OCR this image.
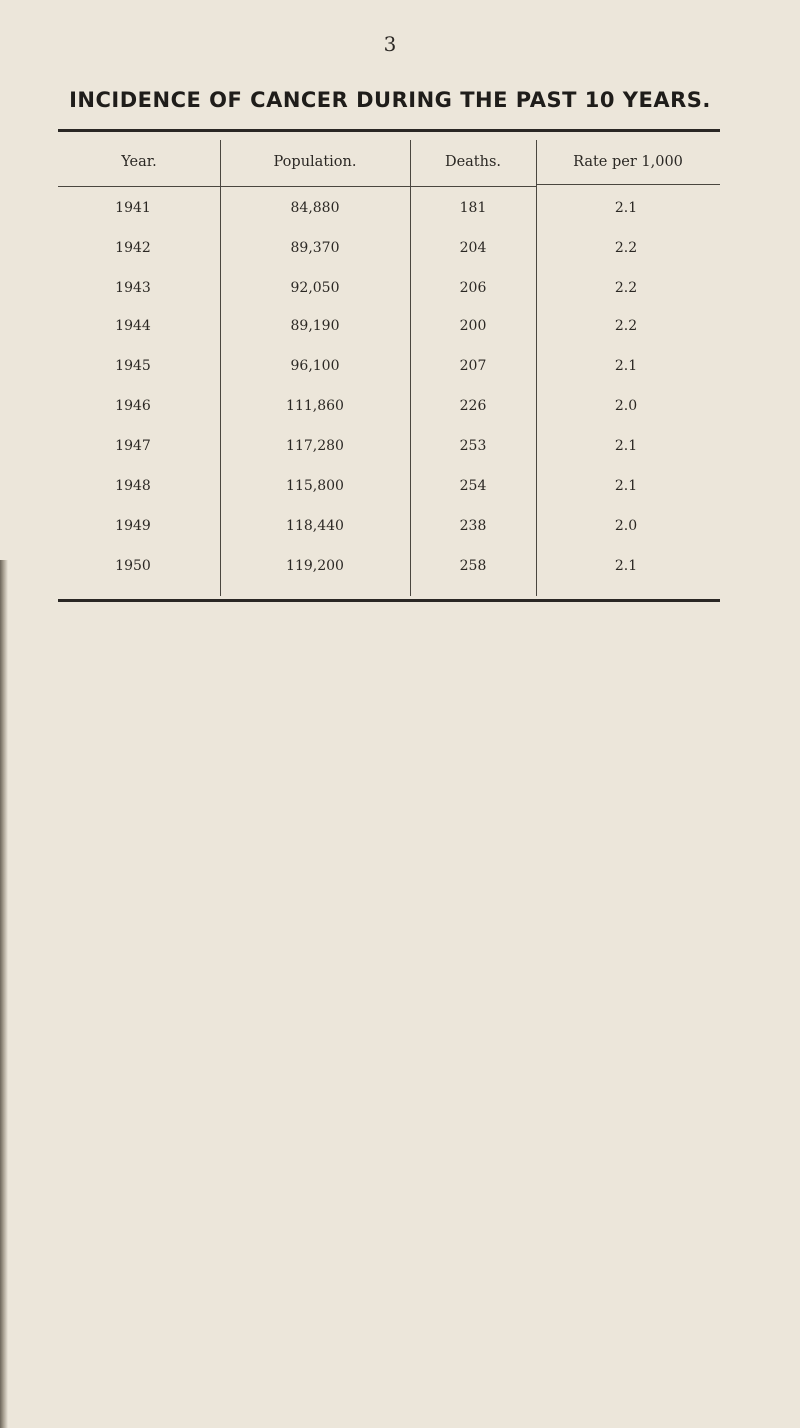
3
INCIDENCE OF CANCER DURING THE PAST 10 YEARS.
Year.	Population.	Deaths.	Rate per 1,000
1941	84,880	181	2.1
1942	89,370	204	2.2
1943	92,050	206	2.2
1944	89,190	200	2.2
1945	96,100	207	2.1
1946	111,860	226	2.0
1947	117,280	253	2.1
1948	115,800	254	2.1
1949	118,440	238	2.0
1950	119,200	258	2.1
